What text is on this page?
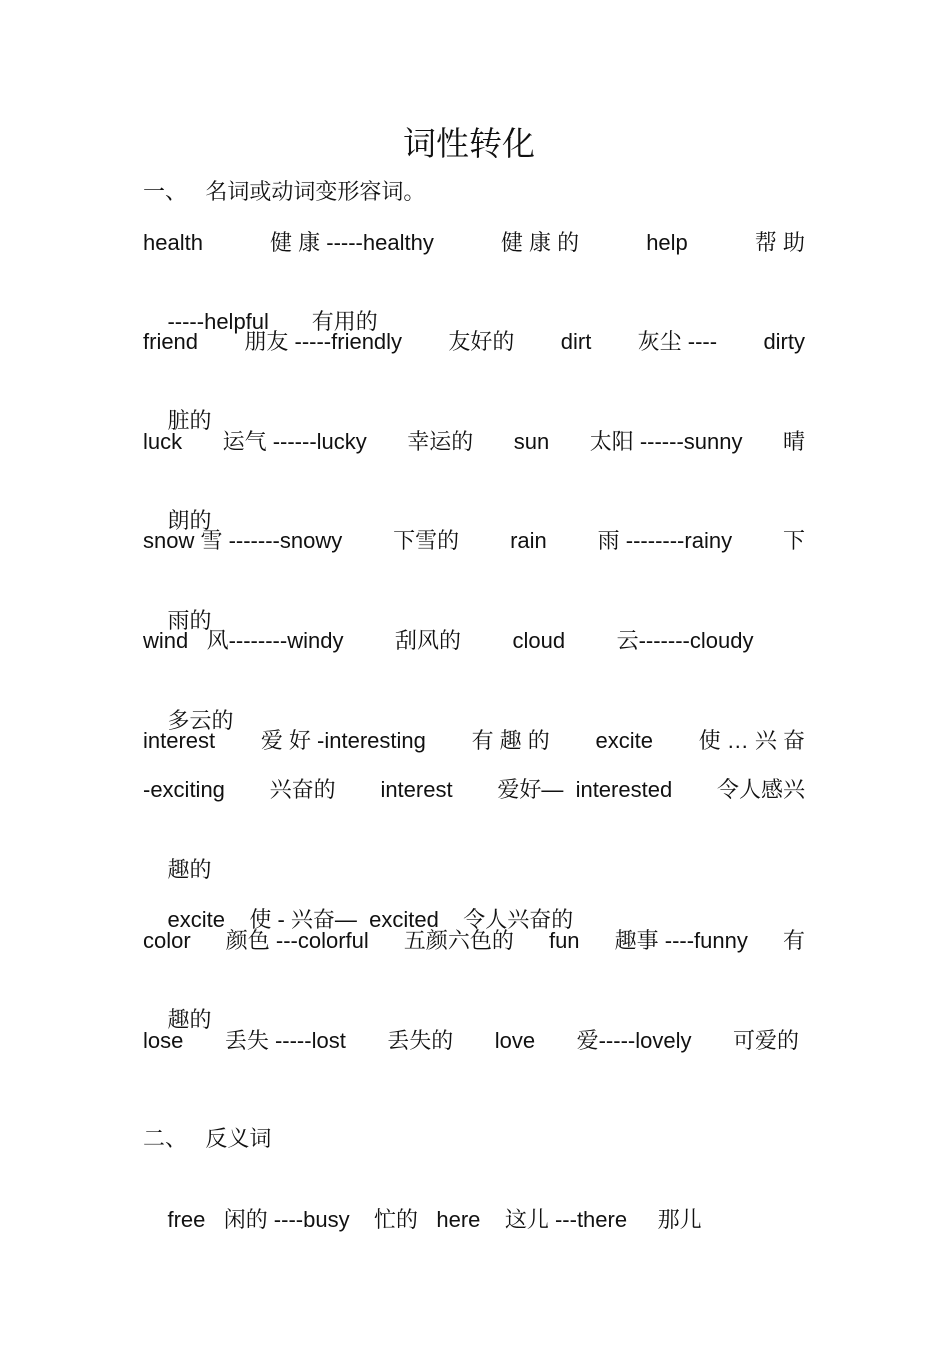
词性转化
一、   名词或动词变形容词。
health	健 康 -----healthy	健 康 的	help	帮 助

-----helpful       有用的

friend 朋友 -----friendly 友好的 dirt 灰尘 ---- dirty

脏的

luck 运气 ------lucky 幸运的 sun 太阳 ------sunny 晴

朗的

snow 雪 -------snowy 下雪的 rain 雨 --------rainy 下

雨的

wind   风--------windy 刮风的 cloud 云-------cloudy

多云的

interest 爱 好 -interesting 有 趣 的 excite 使 … 兴 奋
-exciting 兴奋的 interest 爱好—  interested 令人感兴

趣的

excite    使 - 兴奋—  excited    令人兴奋的

color 颜色 ---colorful 五颜六色的 fun 趣事 ----funny 有

趣的

lose 丢失 -----lost 丢失的 love 爱-----lovely 可爱的
二、   反义词

free   闲的 ----busy    忙的   here    这儿 ---there     那儿
